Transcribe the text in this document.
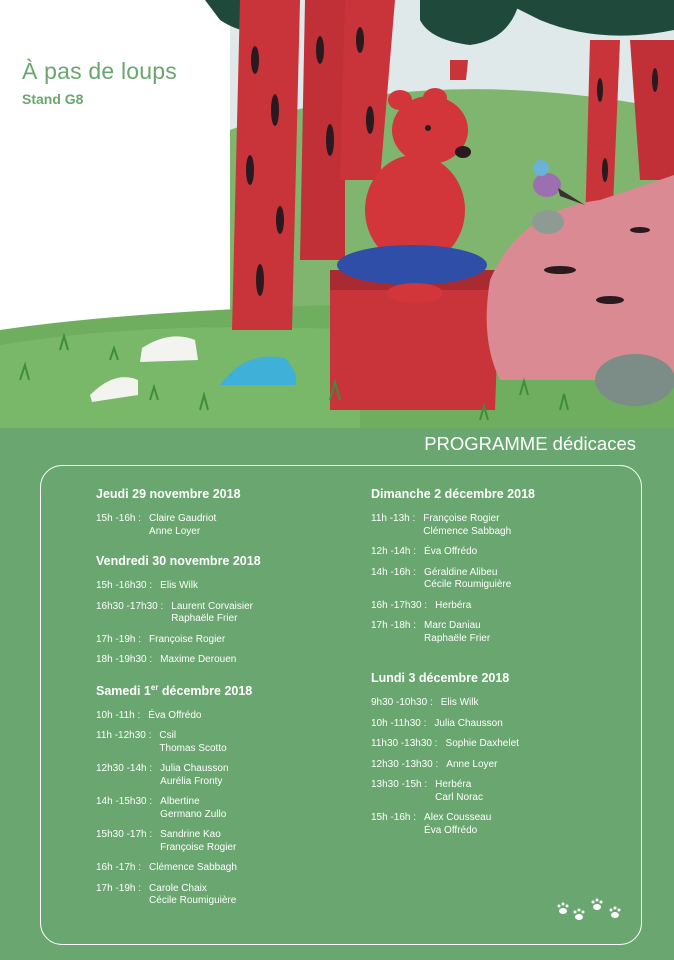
À pas de loups
Stand G8
PROGRAMME dédicaces
Jeudi 29 novembre 2018
15h -16h : Claire Gaudriot
Anne Loyer
Vendredi 30 novembre 2018
15h -16h30 : Elis Wilk
16h30 -17h30 : Laurent Corvaisier
Raphaële Frier
17h -19h : Françoise Rogier
18h -19h30 : Maxime Derouen
Samedi 1er décembre 2018
10h -11h : Éva Offrédo
11h -12h30 : Csil
Thomas Scotto
12h30 -14h : Julia Chausson
Aurélia Fronty
14h -15h30 : Albertine
Germano Zullo
15h30 -17h : Sandrine Kao
Françoise Rogier
16h -17h : Clémence Sabbagh
17h -19h : Carole Chaix
Cécile Roumiguière
Dimanche 2 décembre 2018
11h -13h : Françoise Rogier
Clémence Sabbagh
12h -14h : Éva Offrédo
14h -16h : Géraldine Alibeu
Cécile Roumiguière
16h -17h30 : Herbéra
17h -18h : Marc Daniau
Raphaële Frier
Lundi 3 décembre 2018
9h30 -10h30 : Elis Wilk
10h -11h30 : Julia Chausson
11h30 -13h30 : Sophie Daxhelet
12h30 -13h30 : Anne Loyer
13h30 -15h : Herbéra
Carl Norac
15h -16h : Alex Cousseau
Éva Offrédo
